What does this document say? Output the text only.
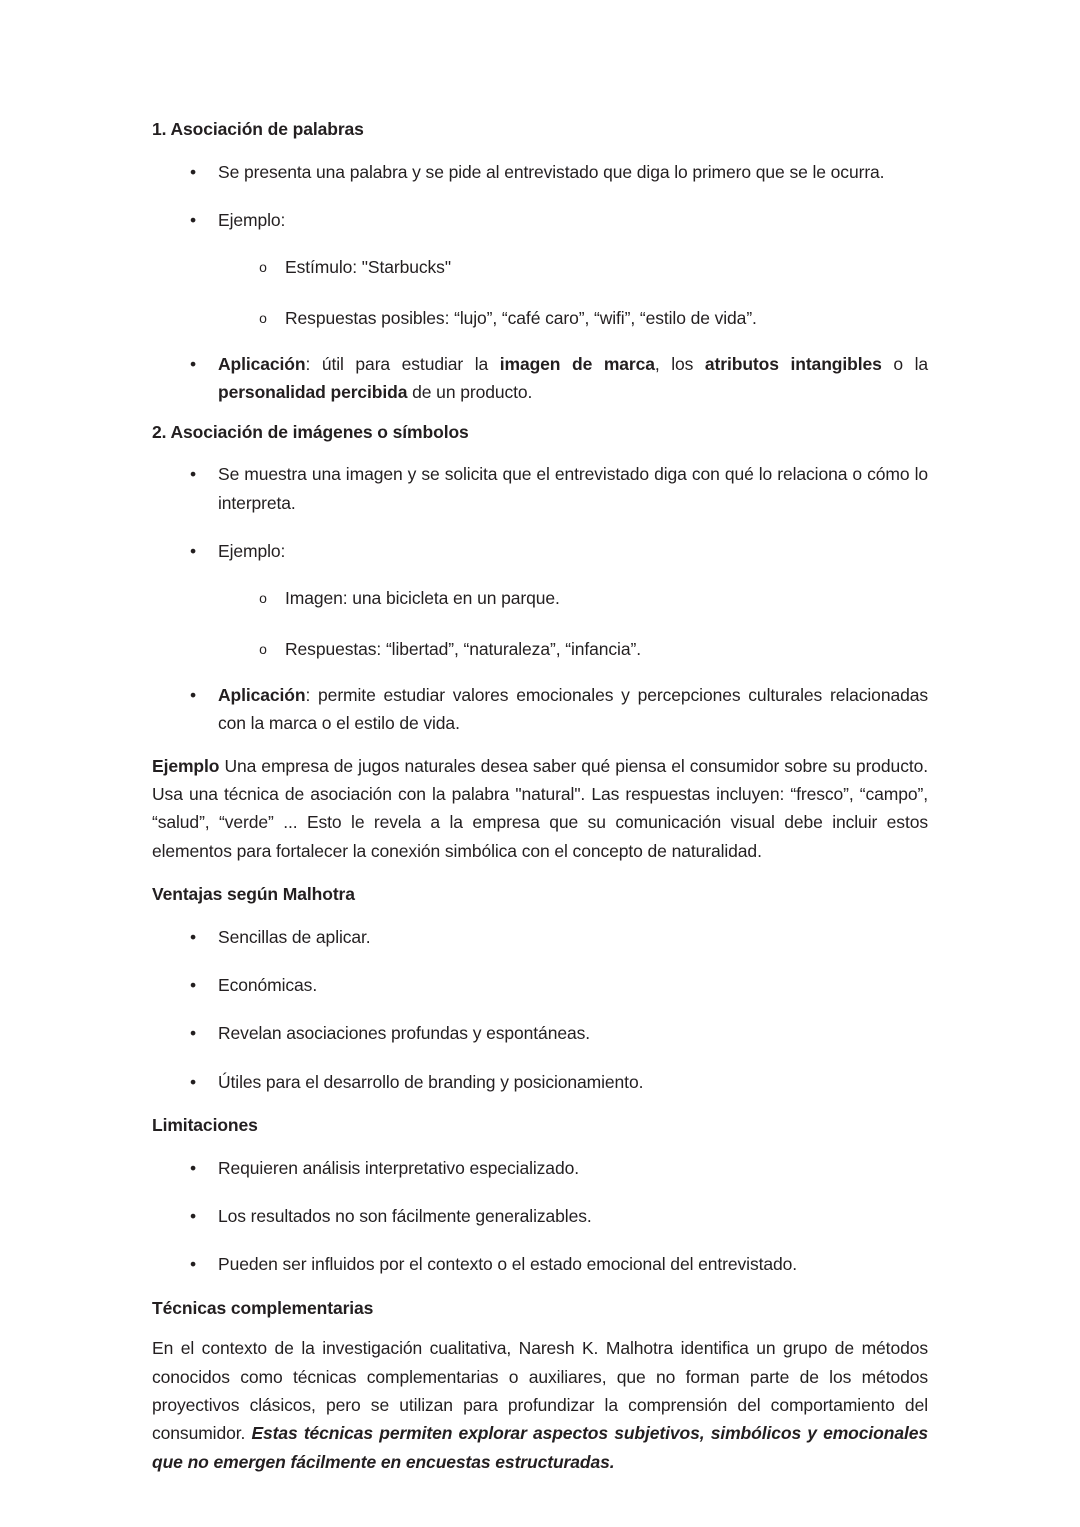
1. Asociación de palabras
• Se presenta una palabra y se pide al entrevistado que diga lo primero que se le ocurra.
• Ejemplo:
o Estímulo: "Starbucks"
o Respuestas posibles: “lujo”, “café caro”, “wifi”, “estilo de vida”.
• Aplicación: útil para estudiar la imagen de marca, los atributos intangibles o la personalidad percibida de un producto.
2. Asociación de imágenes o símbolos
• Se muestra una imagen y se solicita que el entrevistado diga con qué lo relaciona o cómo lo interpreta.
• Ejemplo:
o Imagen: una bicicleta en un parque.
o Respuestas: “libertad”, “naturaleza”, “infancia”.
• Aplicación: permite estudiar valores emocionales y percepciones culturales relacionadas con la marca o el estilo de vida.

Ejemplo Una empresa de jugos naturales desea saber qué piensa el consumidor sobre su producto. Usa una técnica de asociación con la palabra "natural". Las respuestas incluyen: “fresco”, “campo”, “salud”, “verde” ... Esto le revela a la empresa que su comunicación visual debe incluir estos elementos para fortalecer la conexión simbólica con el concepto de naturalidad.

Ventajas según Malhotra
• Sencillas de aplicar.
• Económicas.
• Revelan asociaciones profundas y espontáneas.
• Útiles para el desarrollo de branding y posicionamiento.
Limitaciones
• Requieren análisis interpretativo especializado.
• Los resultados no son fácilmente generalizables.
• Pueden ser influidos por el contexto o el estado emocional del entrevistado.
Técnicas complementarias

En el contexto de la investigación cualitativa, Naresh K. Malhotra identifica un grupo de métodos conocidos como técnicas complementarias o auxiliares, que no forman parte de los métodos proyectivos clásicos, pero se utilizan para profundizar la comprensión del comportamiento del consumidor. Estas técnicas permiten explorar aspectos subjetivos, simbólicos y emocionales que no emergen fácilmente en encuestas estructuradas.
